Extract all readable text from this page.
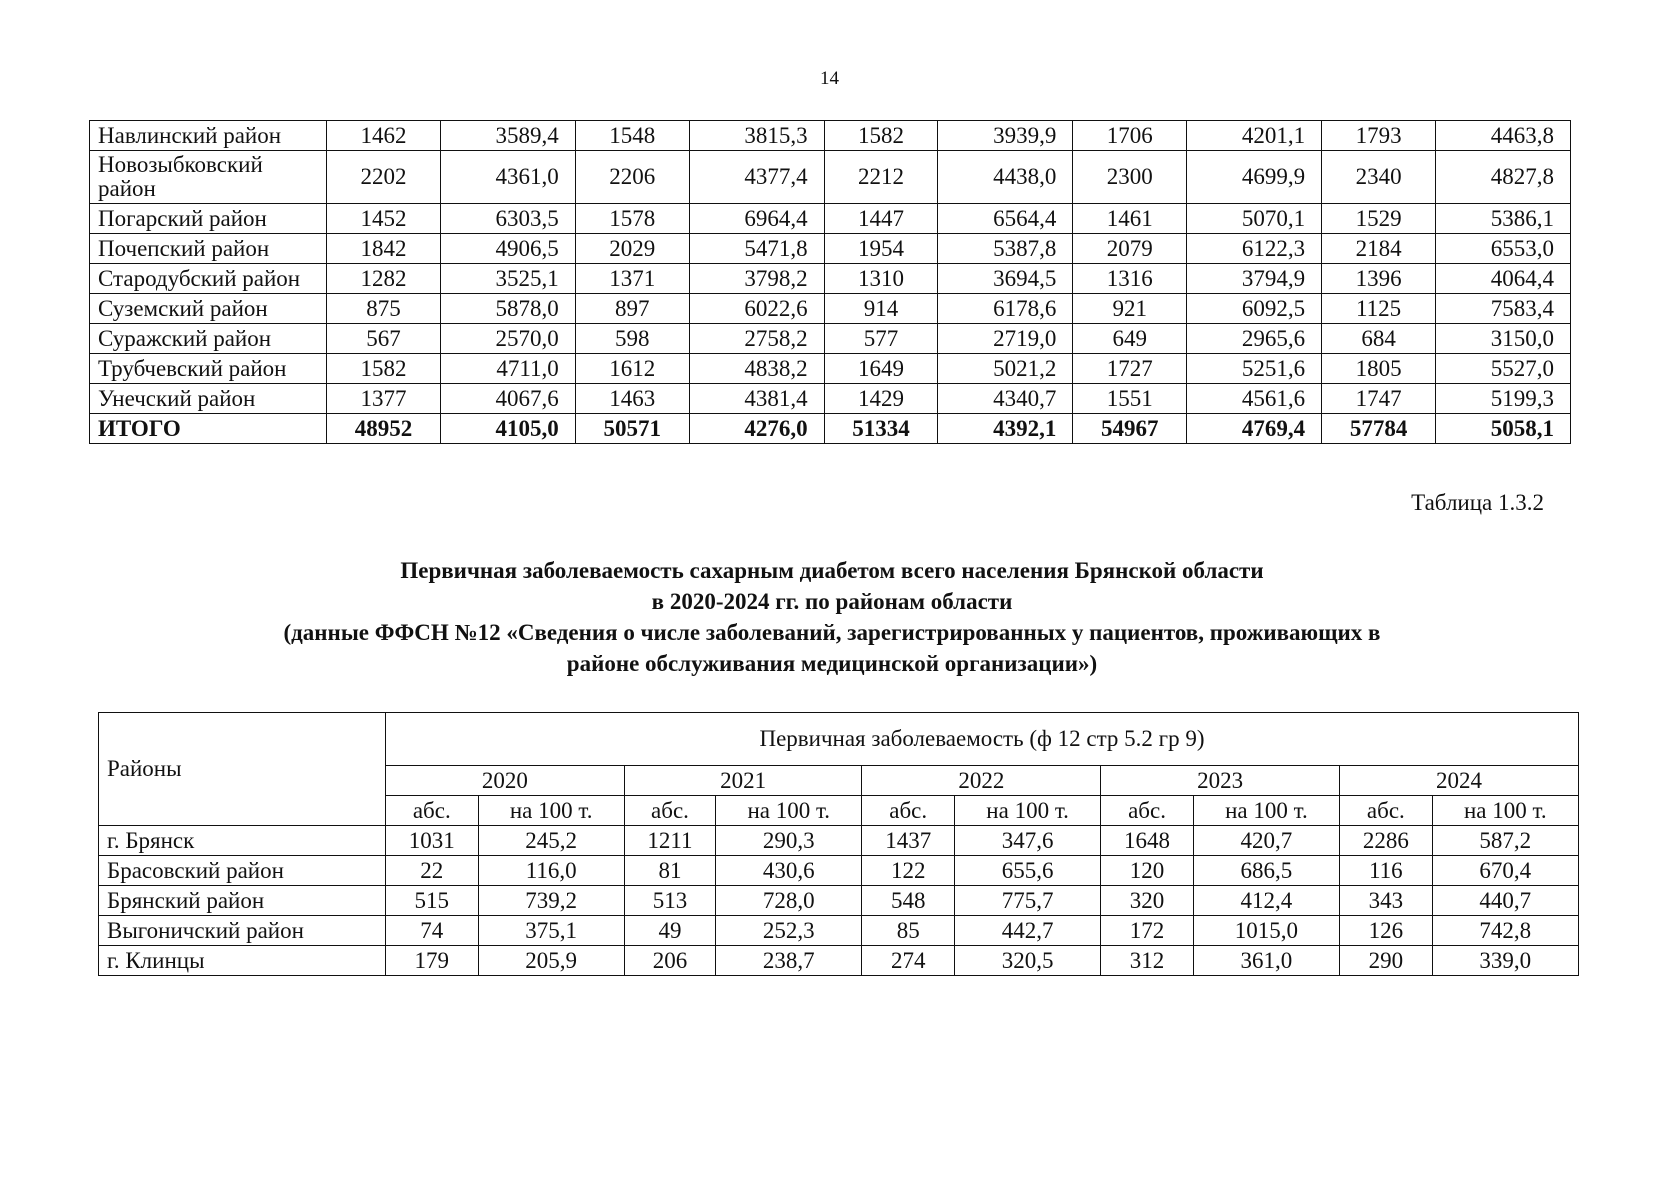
14
Навлинский район	1462	3589,4	1548	3815,3	1582	3939,9	1706	4201,1	1793	4463,8
Новозыбковский район	2202	4361,0	2206	4377,4	2212	4438,0	2300	4699,9	2340	4827,8
Погарский район	1452	6303,5	1578	6964,4	1447	6564,4	1461	5070,1	1529	5386,1
Почепский район	1842	4906,5	2029	5471,8	1954	5387,8	2079	6122,3	2184	6553,0
Стародубский район	1282	3525,1	1371	3798,2	1310	3694,5	1316	3794,9	1396	4064,4
Суземский район	875	5878,0	897	6022,6	914	6178,6	921	6092,5	1125	7583,4
Суражский район	567	2570,0	598	2758,2	577	2719,0	649	2965,6	684	3150,0
Трубчевский район	1582	4711,0	1612	4838,2	1649	5021,2	1727	5251,6	1805	5527,0
Унечский район	1377	4067,6	1463	4381,4	1429	4340,7	1551	4561,6	1747	5199,3
ИТОГО	48952	4105,0	50571	4276,0	51334	4392,1	54967	4769,4	57784	5058,1
Таблица 1.3.2
Первичная заболеваемость сахарным диабетом всего населения Брянской области
в 2020-2024 гг. по районам области
(данные ФФСН №12 «Сведения о числе заболеваний, зарегистрированных у пациентов, проживающих в
районе обслуживания медицинской организации»)
Районы	Первичная заболеваемость (ф 12 стр 5.2 гр 9)									
	2020		2021		2022		2023		2024	
	абс.	на 100 т.	абс.	на 100 т.	абс.	на 100 т.	абс.	на 100 т.	абс.	на 100 т.
г. Брянск	1031	245,2	1211	290,3	1437	347,6	1648	420,7	2286	587,2
Брасовский район	22	116,0	81	430,6	122	655,6	120	686,5	116	670,4
Брянский район	515	739,2	513	728,0	548	775,7	320	412,4	343	440,7
Выгоничский район	74	375,1	49	252,3	85	442,7	172	1015,0	126	742,8
г. Клинцы	179	205,9	206	238,7	274	320,5	312	361,0	290	339,0
